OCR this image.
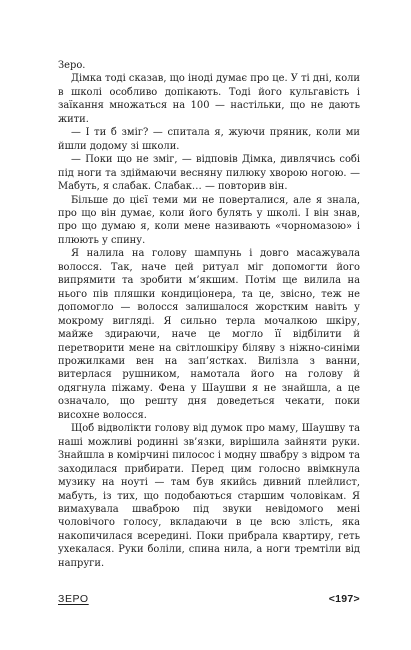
Зеро.

Дімка тоді сказав, що іноді думає про це. У ті дні, коли в школі особливо допікають. Тоді його кульгавість і заїкання множаться на 100 — настільки, що не дають жити.

— І ти б зміг? — спитала я, жуючи пряник, коли ми йшли додому зі школи.

— Поки що не зміг, — відповів Дімка, дивлячись собі під ноги та здіймаючи весняну пилюку хворою ногою. — Мабуть, я слабак. Слабак… — повторив він.

Більше до цієї теми ми не поверталися, але я знала, про що він думає, коли його булять у школі. І він знав, про що думаю я, коли мене називають «чорномазою» і плюють у спину.

Я налила на голову шампунь і довго масажувала волосся. Так, наче цей ритуал міг допомогти його випрямити та зробити м’якшим. Потім ще вилила на нього пів пляшки кондиціонера, та це, звісно, теж не допомогло — волосся залишалося жорстким навіть у мокрому вигляді. Я сильно терла мочалкою шкіру, майже здираючи, наче це могло її відбілити й перетворити мене на світлошкіру біляву з ніжно-синіми прожилками вен на зап’ястках. Вилізла з ванни, витерлася рушником, намотала його на голову й одягнула піжаму. Фена у Шаушви я не знайшла, а це означало, що решту дня доведеться чекати, поки висохне волосся.

Щоб відволікти голову від думок про маму, Шаушву та наші можливі родинні зв’язки, вирішила зайняти руки. Знайшла в комірчині пилосос і модну швабру з відром та заходилася прибирати. Перед цим голосно ввімкнула музику на ноуті — там був якийсь дивний плейлист, мабуть, із тих, що подобаються старшим чоловікам. Я вимахувала шваброю під звуки невідомого мені чоловічого голосу, вкладаючи в це всю злість, яка накопичилася всередині. Поки прибрала квартиру, геть ухекалася. Руки боліли, спина нила, а ноги тремтіли від напруги.

ЗЕРО	<197>
